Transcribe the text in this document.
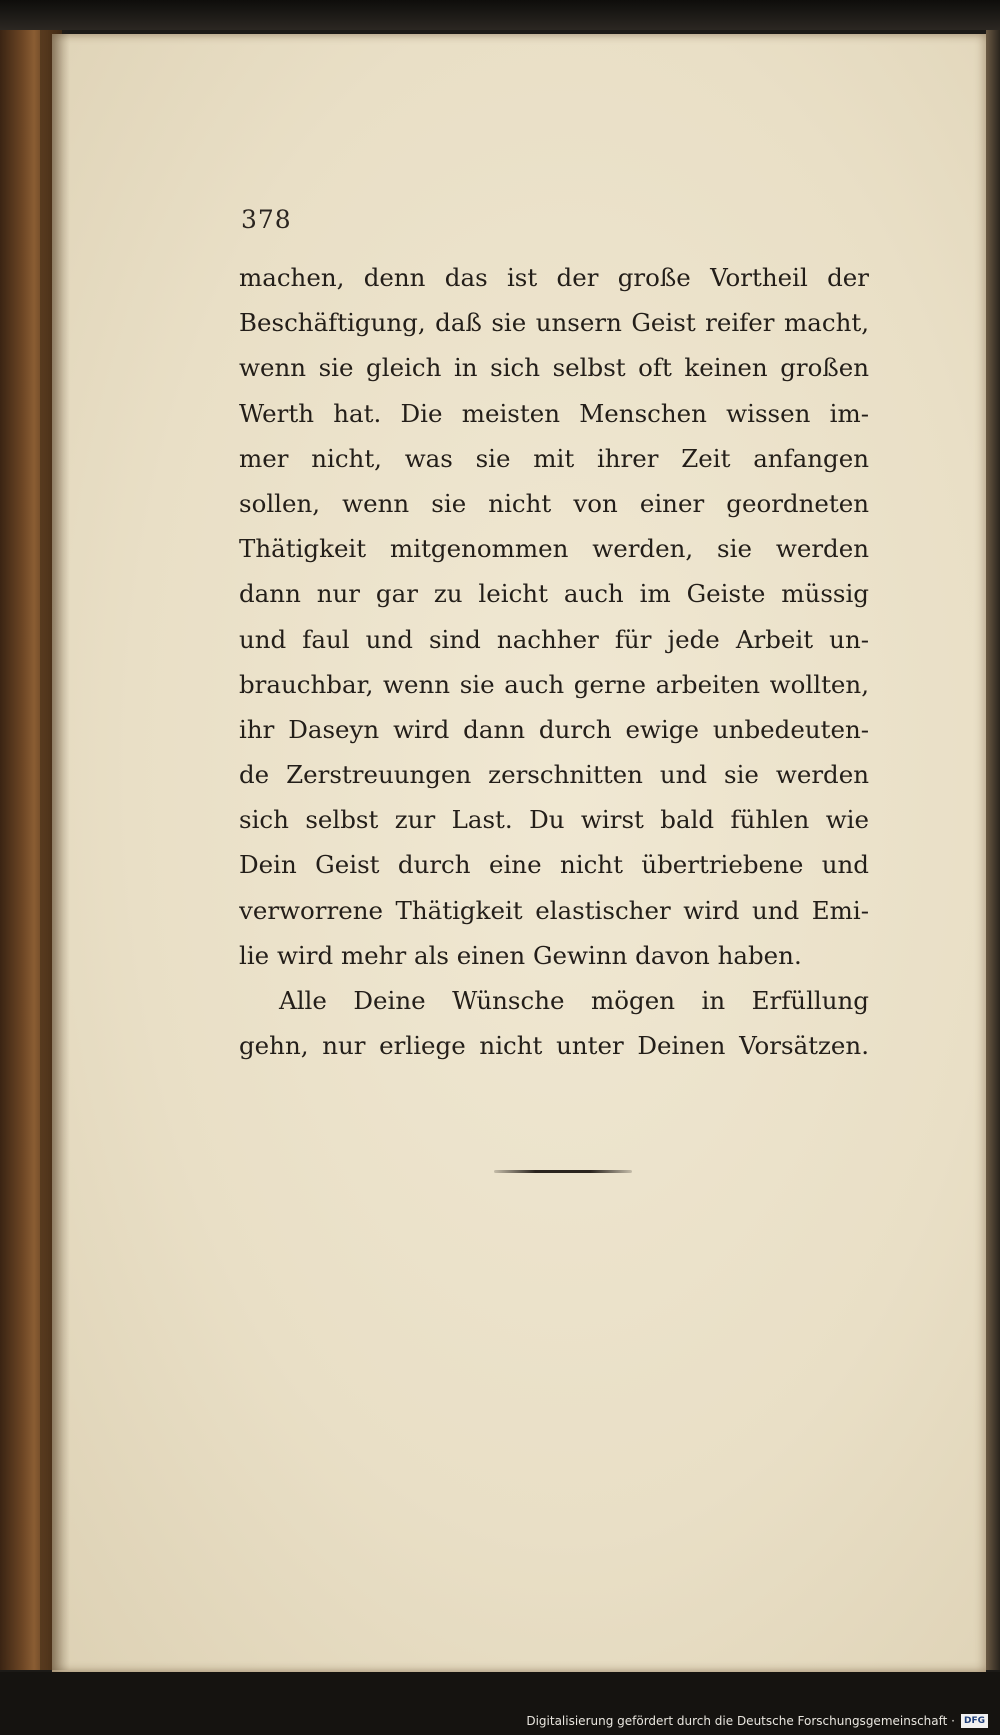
378
machen, denn das ist der große Vortheil der
Beschäftigung, daß sie unsern Geist reifer macht,
wenn sie gleich in sich selbst oft keinen großen
Werth hat. Die meisten Menschen wissen im-
mer nicht, was sie mit ihrer Zeit anfangen
sollen, wenn sie nicht von einer geordneten
Thätigkeit mitgenommen werden, sie werden
dann nur gar zu leicht auch im Geiste müssig
und faul und sind nachher für jede Arbeit un-
brauchbar, wenn sie auch gerne arbeiten wollten,
ihr Daseyn wird dann durch ewige unbedeuten-
de Zerstreuungen zerschnitten und sie werden
sich selbst zur Last. Du wirst bald fühlen wie
Dein Geist durch eine nicht übertriebene und
verworrene Thätigkeit elastischer wird und Emi-
lie wird mehr als einen Gewinn davon haben.
Alle Deine Wünsche mögen in Erfüllung
gehn, nur erliege nicht unter Deinen Vorsätzen.
Digitalisierung gefördert durch die Deutsche Forschungsgemeinschaft ·	DFG
